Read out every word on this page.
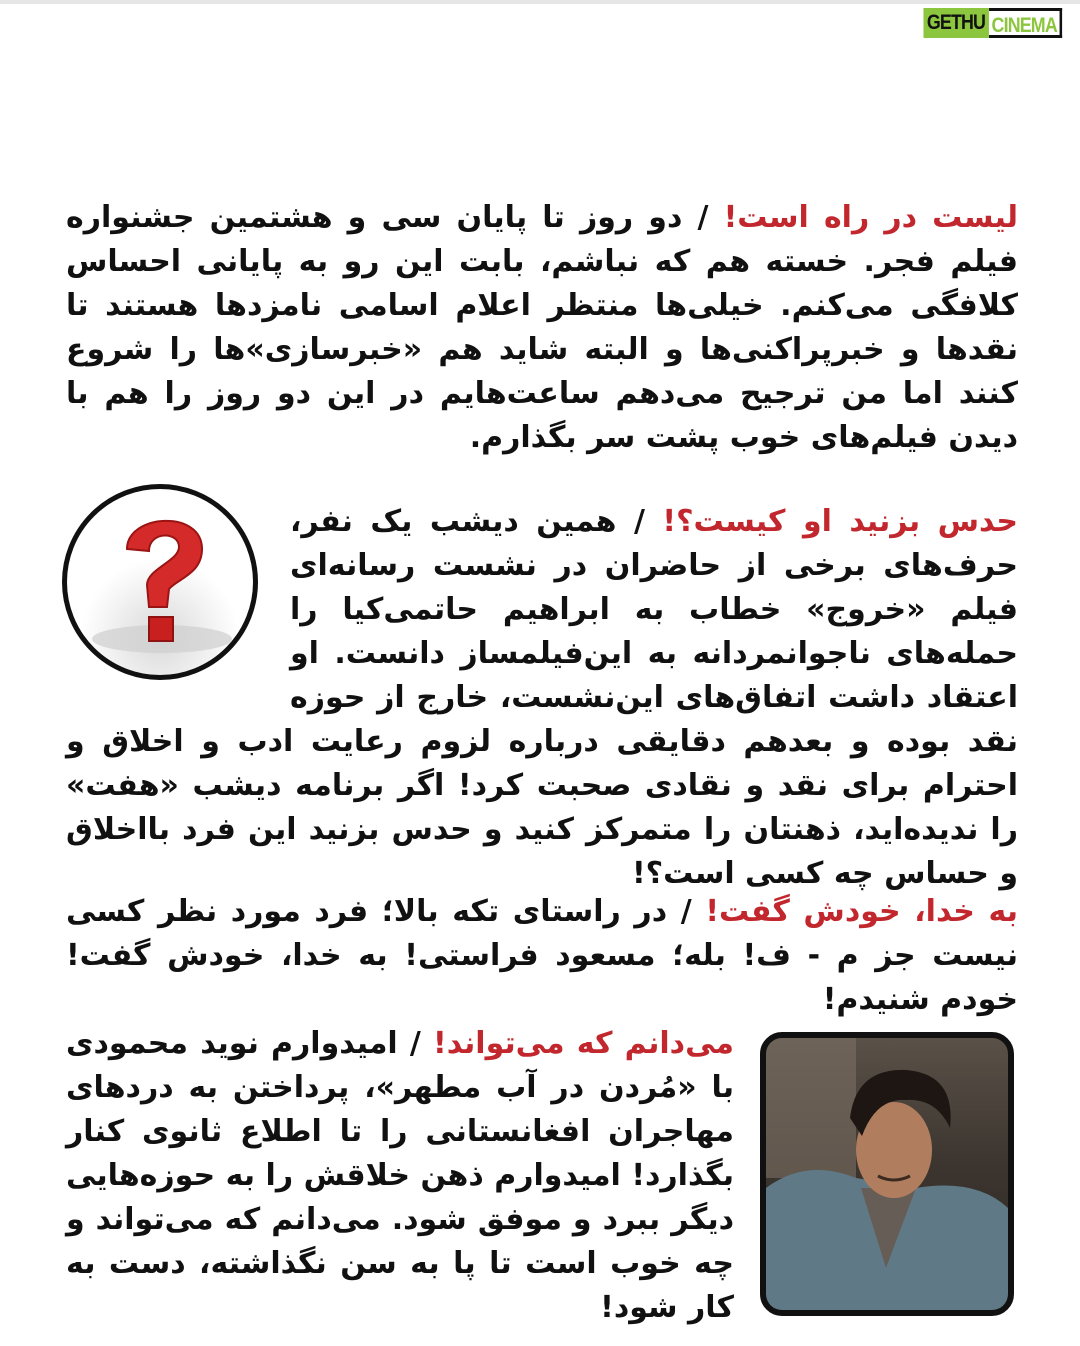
GETHU CINEMA

لیست در راه است! / دو روز تا پایان سی و هشتمین جشنواره فیلم فجر. خسته هم که نباشم، بابت این رو به پایانی احساس کلافگی می‌کنم. خیلی‌ها منتظر اعلام اسامی نامزدها هستند تا نقدها و خبرپراکنی‌ها و البته شاید هم «خبرسازی»ها را شروع کنند اما من ترجیح می‌دهم ساعت‌هایم در این دو روز را هم با دیدن فیلم‌های خوب پشت سر بگذارم.

حدس بزنید او کیست؟! / همین دیشب یک نفر، حرف‌های برخی از حاضران در نشست رسانه‌ای فیلم «خروج» خطاب به ابراهیم حاتمی‌کیا را حمله‌های ناجوانمردانه به این‌فیلمساز دانست. او اعتقاد داشت اتفاق‌های این‌نشست، خارج از حوزه نقد بوده و بعدهم دقایقی درباره لزوم رعایت ادب و اخلاق و احترام برای نقد و نقادی صحبت کرد! اگر برنامه دیشب «هفت» را ندیده‌اید، ذهنتان را متمرکز کنید و حدس بزنید این فرد بااخلاق و حساس چه کسی است؟!

به خدا، خودش گفت! / در راستای تکه بالا؛ فرد مورد نظر کسی نیست جز م - ف! بله؛ مسعود فراستی! به خدا، خودش گفت! خودم شنیدم!

می‌دانم که می‌تواند! / امیدوارم نوید محمودی با «مُردن در آب مطهر»، پرداختن به دردهای مهاجران افغانستانی را تا اطلاع ثانوی کنار بگذارد! امیدوارم ذهن خلاقش را به حوزه‌هایی دیگر ببرد و موفق شود. می‌دانم که می‌تواند و چه خوب است تا پا به سن نگذاشته، دست به کار شود!
